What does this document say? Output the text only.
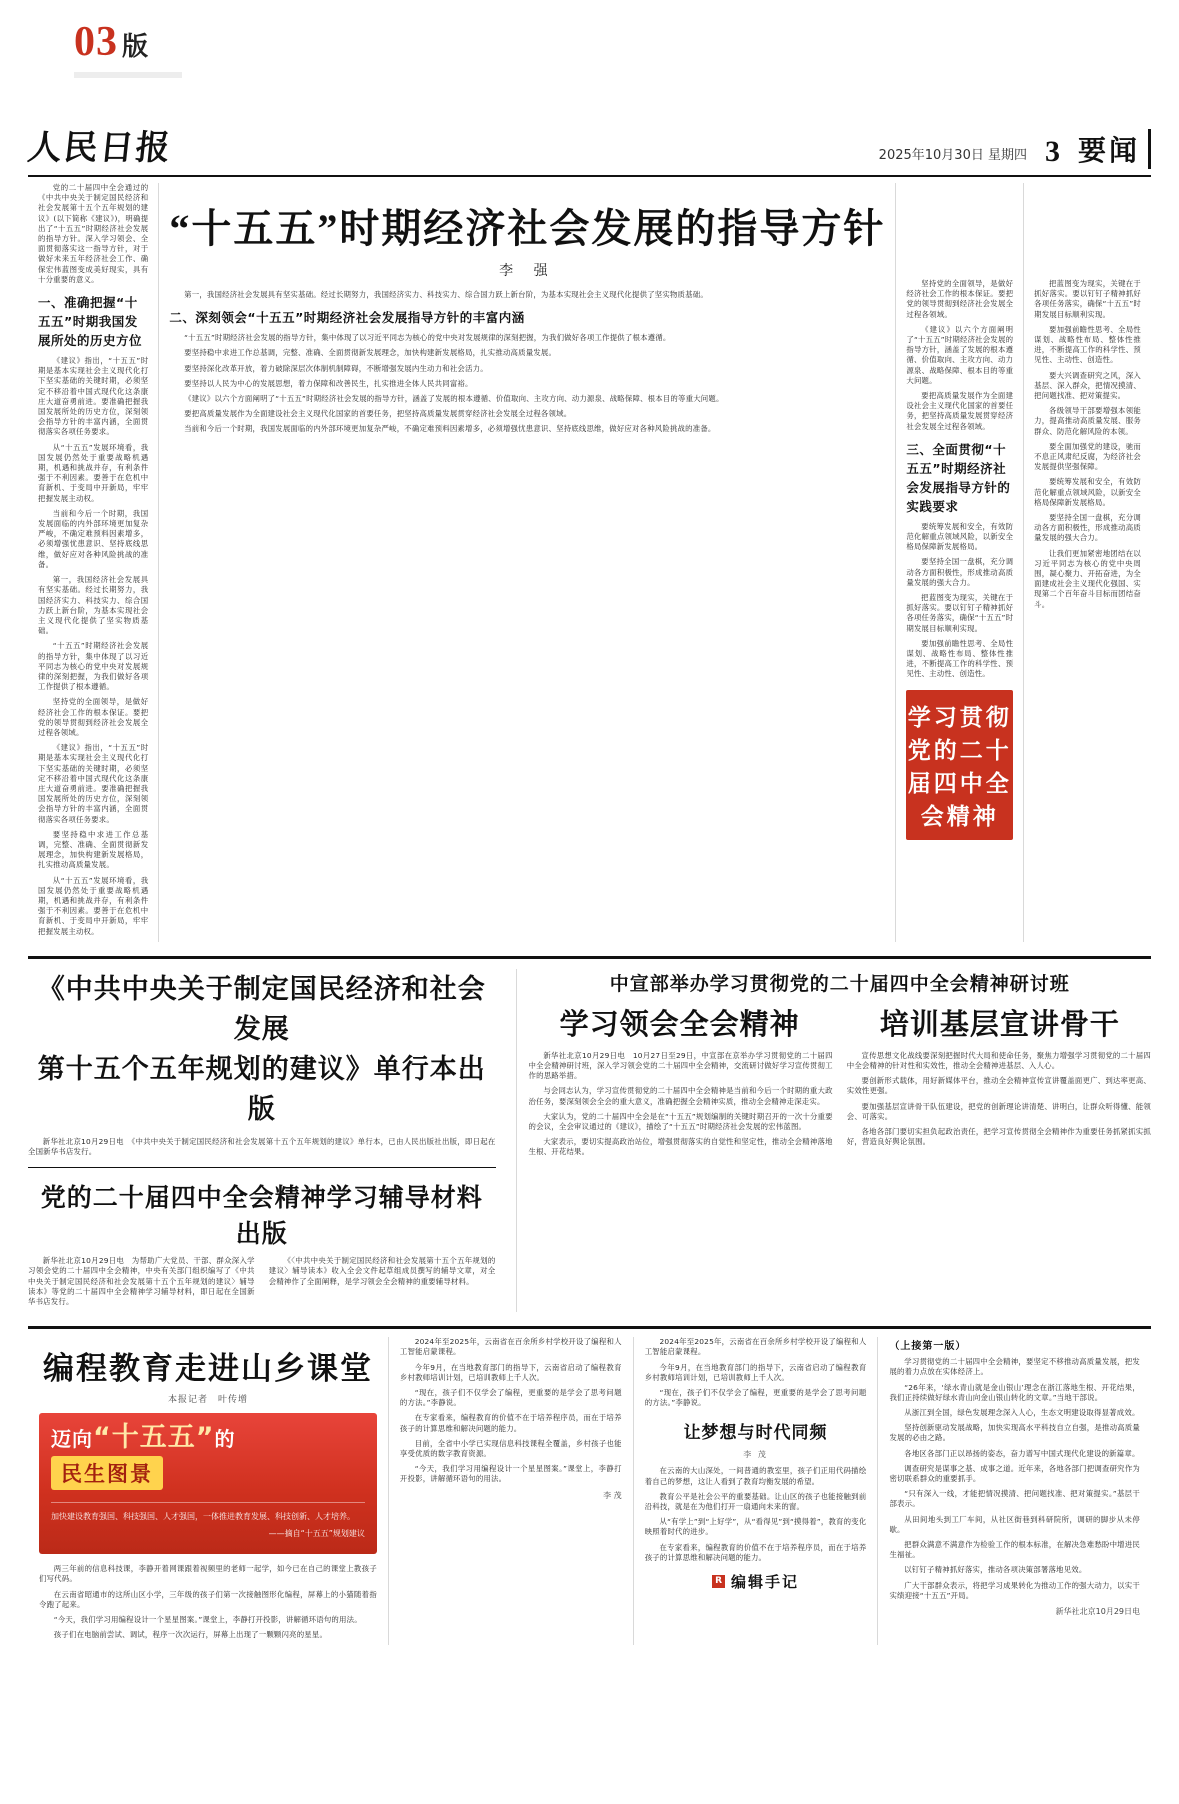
03 版
人民日报	2025年10月30日 星期四 3 要闻

党的二十届四中全会通过的《中共中央关于制定国民经济和社会发展第十五个五年规划的建议》(以下简称《建议》)，明确提出了“十五五”时期经济社会发展的指导方针。深入学习领会、全面贯彻落实这一指导方针，对于做好未来五年经济社会工作、确保宏伟蓝图变成美好现实，具有十分重要的意义。

一、准确把握“十五五”时期我国发展所处的历史方位

《建议》指出，“十五五”时期是基本实现社会主义现代化打下坚实基础的关键时期，必须坚定不移沿着中国式现代化这条康庄大道奋勇前进。要准确把握我国发展所处的历史方位，深刻领会指导方针的丰富内涵，全面贯彻落实各项任务要求。

从“十五五”发展环境看，我国发展仍然处于重要战略机遇期，机遇和挑战并存，有利条件强于不利因素。要善于在危机中育新机、于变局中开新局，牢牢把握发展主动权。

当前和今后一个时期，我国发展面临的内外部环境更加复杂严峻，不确定难预料因素增多，必须增强忧患意识、坚持底线思维，做好应对各种风险挑战的准备。

第一，我国经济社会发展具有坚实基础。经过长期努力，我国经济实力、科技实力、综合国力跃上新台阶，为基本实现社会主义现代化提供了坚实物质基础。

“十五五”时期经济社会发展的指导方针，集中体现了以习近平同志为核心的党中央对发展规律的深刻把握，为我们做好各项工作提供了根本遵循。

坚持党的全面领导，是做好经济社会工作的根本保证。要把党的领导贯彻到经济社会发展全过程各领域。

《建议》指出，“十五五”时期是基本实现社会主义现代化打下坚实基础的关键时期，必须坚定不移沿着中国式现代化这条康庄大道奋勇前进。要准确把握我国发展所处的历史方位，深刻领会指导方针的丰富内涵，全面贯彻落实各项任务要求。

要坚持稳中求进工作总基调，完整、准确、全面贯彻新发展理念，加快构建新发展格局，扎实推动高质量发展。

从“十五五”发展环境看，我国发展仍然处于重要战略机遇期，机遇和挑战并存，有利条件强于不利因素。要善于在危机中育新机、于变局中开新局，牢牢把握发展主动权。

“十五五”时期经济社会发展的指导方针
李 强

第一，我国经济社会发展具有坚实基础。经过长期努力，我国经济实力、科技实力、综合国力跃上新台阶，为基本实现社会主义现代化提供了坚实物质基础。

二、深刻领会“十五五”时期经济社会发展指导方针的丰富内涵

“十五五”时期经济社会发展的指导方针，集中体现了以习近平同志为核心的党中央对发展规律的深刻把握，为我们做好各项工作提供了根本遵循。

要坚持稳中求进工作总基调，完整、准确、全面贯彻新发展理念，加快构建新发展格局，扎实推动高质量发展。

要坚持深化改革开放，着力破除深层次体制机制障碍，不断增强发展内生动力和社会活力。

要坚持以人民为中心的发展思想，着力保障和改善民生，扎实推进全体人民共同富裕。

《建议》以六个方面阐明了“十五五”时期经济社会发展的指导方针，涵盖了发展的根本遵循、价值取向、主攻方向、动力源泉、战略保障、根本目的等重大问题。

要把高质量发展作为全面建设社会主义现代化国家的首要任务，把坚持高质量发展贯穿经济社会发展全过程各领域。

当前和今后一个时期，我国发展面临的内外部环境更加复杂严峻，不确定难预料因素增多，必须增强忧患意识、坚持底线思维，做好应对各种风险挑战的准备。

坚持党的全面领导，是做好经济社会工作的根本保证。要把党的领导贯彻到经济社会发展全过程各领域。

《建议》以六个方面阐明了“十五五”时期经济社会发展的指导方针，涵盖了发展的根本遵循、价值取向、主攻方向、动力源泉、战略保障、根本目的等重大问题。

要把高质量发展作为全面建设社会主义现代化国家的首要任务，把坚持高质量发展贯穿经济社会发展全过程各领域。

三、全面贯彻“十五五”时期经济社会发展指导方针的实践要求

要统筹发展和安全，有效防范化解重点领域风险，以新安全格局保障新发展格局。

要坚持全国一盘棋，充分调动各方面积极性，形成推动高质量发展的强大合力。

把蓝图变为现实，关键在于抓好落实。要以钉钉子精神抓好各项任务落实，确保“十五五”时期发展目标顺利实现。

要加强前瞻性思考、全局性谋划、战略性布局、整体性推进，不断提高工作的科学性、预见性、主动性、创造性。

学习贯彻党的二十届四中全会精神

把蓝图变为现实，关键在于抓好落实。要以钉钉子精神抓好各项任务落实，确保“十五五”时期发展目标顺利实现。

要加强前瞻性思考、全局性谋划、战略性布局、整体性推进，不断提高工作的科学性、预见性、主动性、创造性。

要大兴调查研究之风，深入基层、深入群众，把情况摸清、把问题找准、把对策提实。

各级领导干部要增强本领能力，提高推动高质量发展、服务群众、防范化解风险的本领。

要全面加强党的建设，驰而不息正风肃纪反腐，为经济社会发展提供坚强保障。

要统筹发展和安全，有效防范化解重点领域风险，以新安全格局保障新发展格局。

要坚持全国一盘棋，充分调动各方面积极性，形成推动高质量发展的强大合力。

让我们更加紧密地团结在以习近平同志为核心的党中央周围，凝心聚力、开拓奋进，为全面建成社会主义现代化强国、实现第二个百年奋斗目标而团结奋斗。

《中共中央关于制定国民经济和社会发展
第十五个五年规划的建议》单行本出版

新华社北京10月29日电　《中共中央关于制定国民经济和社会发展第十五个五年规划的建议》单行本，已由人民出版社出版，即日起在全国新华书店发行。

党的二十届四中全会精神学习辅导材料出版

新华社北京10月29日电　为帮助广大党员、干部、群众深入学习领会党的二十届四中全会精神，中央有关部门组织编写了《中共中央关于制定国民经济和社会发展第十五个五年规划的建议〉辅导读本》等党的二十届四中全会精神学习辅导材料，即日起在全国新华书店发行。

《〈中共中央关于制定国民经济和社会发展第十五个五年规划的建议〉辅导读本》收入全会文件起草组成员撰写的辅导文章，对全会精神作了全面阐释，是学习领会全会精神的重要辅导材料。

中宣部举办学习贯彻党的二十届四中全会精神研讨班
学习领会全会精神	培训基层宣讲骨干

新华社北京10月29日电　10月27日至29日，中宣部在京举办学习贯彻党的二十届四中全会精神研讨班，深入学习领会党的二十届四中全会精神，交流研讨做好学习宣传贯彻工作的思路举措。

与会同志认为，学习宣传贯彻党的二十届四中全会精神是当前和今后一个时期的重大政治任务，要深刻领会全会的重大意义，准确把握全会精神实质，推动全会精神走深走实。

大家认为，党的二十届四中全会是在“十五五”规划编制的关键时期召开的一次十分重要的会议，全会审议通过的《建议》，描绘了“十五五”时期经济社会发展的宏伟蓝图。

大家表示，要切实提高政治站位，增强贯彻落实的自觉性和坚定性，推动全会精神落地生根、开花结果。

宣传思想文化战线要深刻把握时代大局和使命任务，聚焦力增强学习贯彻党的二十届四中全会精神的针对性和实效性，推动全会精神进基层、入人心。

要创新形式载体，用好新媒体平台，推动全会精神宣传宣讲覆盖面更广、到达率更高、实效性更强。

要加强基层宣讲骨干队伍建设，把党的创新理论讲清楚、讲明白，让群众听得懂、能领会、可落实。

各地各部门要切实担负起政治责任，把学习宣传贯彻全会精神作为重要任务抓紧抓实抓好，营造良好舆论氛围。

编程教育走进山乡课堂
本报记者　叶传增
迈向“十五五”的
民生图景
加快建设教育强国、科技强国、人才强国，一体推进教育发展、科技创新、人才培养。
——摘自“十五五”规划建议

两三年前的信息科技课，李静开着网课跟着视频里的老师一起学，如今已在自己的课堂上教孩子们写代码。

在云南省昭通市的这所山区小学，三年级的孩子们第一次接触图形化编程，屏幕上的小猫随着指令跑了起来。

“今天，我们学习用编程设计一个星星图案。”课堂上，李静打开投影，讲解循环语句的用法。

孩子们在电脑前尝试、调试，程序一次次运行，屏幕上出现了一颗颗闪亮的星星。

2024年至2025年，云南省在百余所乡村学校开设了编程和人工智能启蒙课程。

今年9月，在当地教育部门的指导下，云南省启动了编程教育乡村教师培训计划，已培训教师上千人次。

“现在，孩子们不仅学会了编程，更重要的是学会了思考问题的方法。”李静说。

在专家看来，编程教育的价值不在于培养程序员，而在于培养孩子的计算思维和解决问题的能力。

目前，全省中小学已实现信息科技课程全覆盖，乡村孩子也能享受优质的数字教育资源。

“今天，我们学习用编程设计一个星星图案。”课堂上，李静打开投影，讲解循环语句的用法。

李 茂

2024年至2025年，云南省在百余所乡村学校开设了编程和人工智能启蒙课程。

今年9月，在当地教育部门的指导下，云南省启动了编程教育乡村教师培训计划，已培训教师上千人次。

“现在，孩子们不仅学会了编程，更重要的是学会了思考问题的方法。”李静说。

让梦想与时代同频
李 茂

在云南的大山深处，一间普通的教室里，孩子们正用代码描绘着自己的梦想，这让人看到了教育均衡发展的希望。

教育公平是社会公平的重要基础。让山区的孩子也能接触到前沿科技，就是在为他们打开一扇通向未来的窗。

从“有学上”到“上好学”，从“看得见”到“摸得着”，教育的变化映照着时代的进步。

在专家看来，编程教育的价值不在于培养程序员，而在于培养孩子的计算思维和解决问题的能力。

R 编辑手记
（上接第一版）

学习贯彻党的二十届四中全会精神，要坚定不移推动高质量发展，把发展的着力点放在实体经济上。

“26年来，‘绿水青山就是金山银山’理念在浙江落地生根、开花结果，我们正持续做好绿水青山向金山银山转化的文章。”当地干部说。

从浙江到全国，绿色发展理念深入人心，生态文明建设取得显著成效。

坚持创新驱动发展战略，加快实现高水平科技自立自强，是推动高质量发展的必由之路。

各地区各部门正以昂扬的姿态，奋力谱写中国式现代化建设的新篇章。

调查研究是谋事之基、成事之道。近年来，各地各部门把调查研究作为密切联系群众的重要抓手。

“只有深入一线，才能把情况摸清、把问题找准、把对策提实。”基层干部表示。

从田间地头到工厂车间，从社区街巷到科研院所，调研的脚步从未停歇。

把群众满意不满意作为检验工作的根本标准，在解决急难愁盼中增进民生福祉。

以钉钉子精神抓好落实，推动各项决策部署落地见效。

广大干部群众表示，将把学习成果转化为推动工作的强大动力，以实干实绩迎接“十五五”开局。

新华社北京10月29日电
